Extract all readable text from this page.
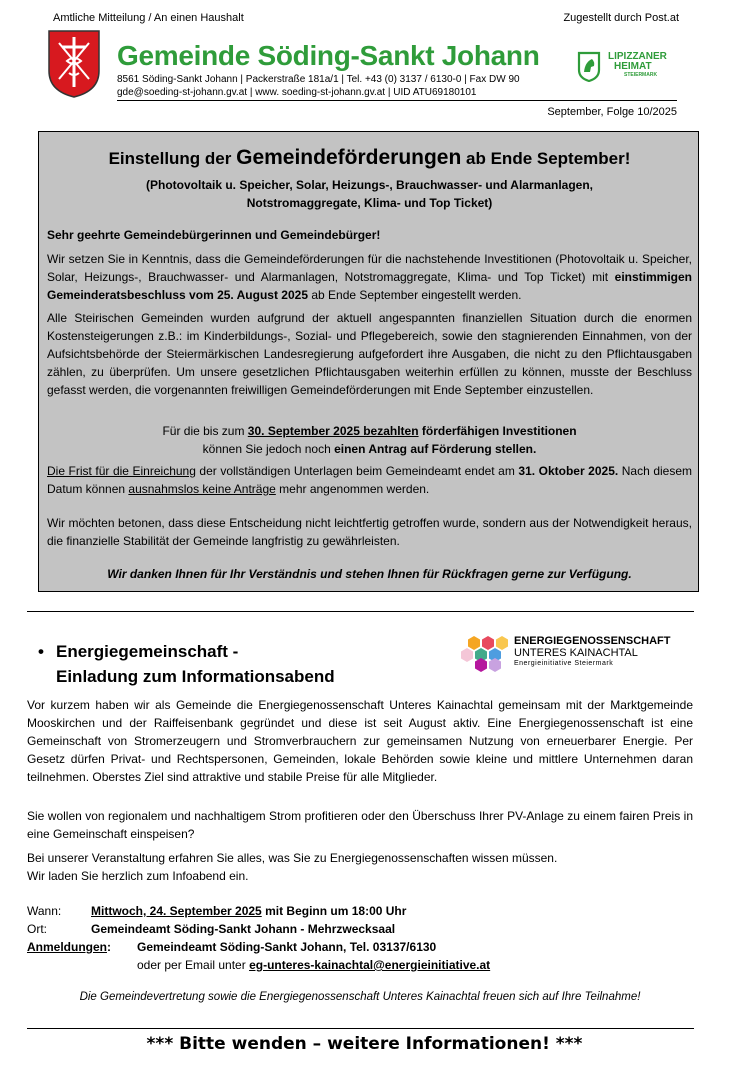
Amtliche Mitteilung / An einen Haushalt	Zugestellt durch Post.at
Gemeinde Söding-Sankt Johann
8561 Söding-Sankt Johann | Packerstraße 181a/1 | Tel. +43 (0) 3137 / 6130-0 | Fax DW 90
gde@soeding-st-johann.gv.at | www. soeding-st-johann.gv.at | UID ATU69180101
LIPIZZANER
HEIMAT
STEIERMARK
September, Folge 10/2025
Einstellung der Gemeindeförderungen ab Ende September!
(Photovoltaik u. Speicher, Solar, Heizungs-, Brauchwasser- und Alarmanlagen,
Notstromaggregate, Klima- und Top Ticket)
Sehr geehrte Gemeindebürgerinnen und Gemeindebürger!
Wir setzen Sie in Kenntnis, dass die Gemeindeförderungen für die nachstehende Investitionen (Photovoltaik u. Speicher, Solar, Heizungs-, Brauchwasser- und Alarmanlagen, Notstromaggregate, Klima- und Top Ticket) mit einstimmigen Gemeinderatsbeschluss vom 25. August 2025 ab Ende September eingestellt werden.
Alle Steirischen Gemeinden wurden aufgrund der aktuell angespannten finanziellen Situation durch die enormen Kostensteigerungen z.B.: im Kinderbildungs-, Sozial- und Pflegebereich, sowie den stagnierenden Einnahmen, von der Aufsichtsbehörde der Steiermärkischen Landesregierung aufgefordert ihre Ausgaben, die nicht zu den Pflichtausgaben zählen, zu überprüfen. Um unsere gesetzlichen Pflichtausgaben weiterhin erfüllen zu können, musste der Beschluss gefasst werden, die vorgenannten freiwilligen Gemeindeförderungen mit Ende September einzustellen.
Für die bis zum 30. September 2025 bezahlten förderfähigen Investitionen
können Sie jedoch noch einen Antrag auf Förderung stellen.
Die Frist für die Einreichung der vollständigen Unterlagen beim Gemeindeamt endet am 31. Oktober 2025. Nach diesem Datum können ausnahmslos keine Anträge mehr angenommen werden.
Wir möchten betonen, dass diese Entscheidung nicht leichtfertig getroffen wurde, sondern aus der Notwendigkeit heraus, die finanzielle Stabilität der Gemeinde langfristig zu gewährleisten.
Wir danken Ihnen für Ihr Verständnis und stehen Ihnen für Rückfragen gerne zur Verfügung.
• Energiegemeinschaft -
Einladung zum Informationsabend
ENERGIEGENOSSENSCHAFT
UNTERES KAINACHTAL
Energieinitiative Steiermark
Vor kurzem haben wir als Gemeinde die Energiegenossenschaft Unteres Kainachtal gemeinsam mit der Marktgemeinde Mooskirchen und der Raiffeisenbank gegründet und diese ist seit August aktiv. Eine Energiegenossenschaft ist eine Gemeinschaft von Stromerzeugern und Stromverbrauchern zur gemeinsamen Nutzung von erneuerbarer Energie. Per Gesetz dürfen Privat- und Rechtspersonen, Gemeinden, lokale Behörden sowie kleine und mittlere Unternehmen daran teilnehmen. Oberstes Ziel sind attraktive und stabile Preise für alle Mitglieder.
Sie wollen von regionalem und nachhaltigem Strom profitieren oder den Überschuss Ihrer PV-Anlage zu einem fairen Preis in eine Gemeinschaft einspeisen?
Bei unserer Veranstaltung erfahren Sie alles, was Sie zu Energiegenossenschaften wissen müssen.
Wir laden Sie herzlich zum Infoabend ein.
Wann: Mittwoch, 24. September 2025 mit Beginn um 18:00 Uhr
Ort:	Gemeindeamt Söding-Sankt Johann - Mehrzwecksaal
Anmeldungen: Gemeindeamt Söding-Sankt Johann, Tel. 03137/6130
oder per Email unter eg-unteres-kainachtal@energieinitiative.at
Die Gemeindevertretung sowie die Energiegenossenschaft Unteres Kainachtal freuen sich auf Ihre Teilnahme!
*** Bitte wenden – weitere Informationen! ***
